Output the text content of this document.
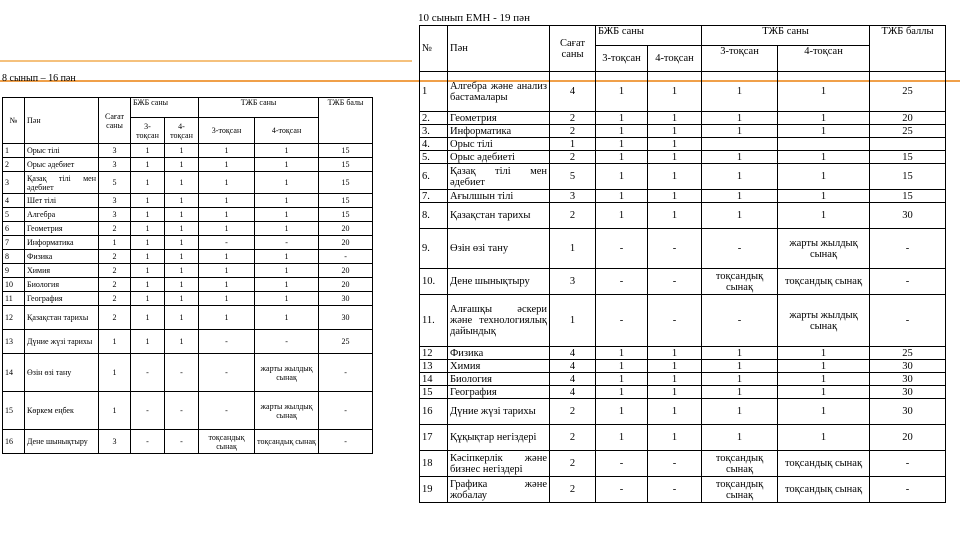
8 сынып – 16 пән
№	Пән	Сағат саны	БЖБ саны		ТЖБ саны		ТЖБ балы
			3-тоқсан	4-тоқсан	3-тоқсан	4-тоқсан	
1	Орыс тілі	3	1	1	1	1	15
2	Орыс әдебиет	3	1	1	1	1	15
3	Қазақ тілі мен әдебиет	5	1	1	1	1	15
4	Шет тілі	3	1	1	1	1	15
5	Алгебра	3	1	1	1	1	15
6	Геометрия	2	1	1	1	1	20
7	Информатика	1	1	1	-	-	20
8	Физика	2	1	1	1	1	-
9	Химия	2	1	1	1	1	20
10	Биология	2	1	1	1	1	20
11	География	2	1	1	1	1	30
12	Қазақстан тарихы	2	1	1	1	1	30
13	Дүние жүзі тарихы	1	1	1	-	-	25
14	Өзін өзі тану	1	-	-	-	жарты жылдық сынақ	-
15	Көркем еңбек	1	-	-	-	жарты жылдық сынақ	-
16	Дене шынықтыру	3	-	-	тоқсандық сынақ	тоқсандық сынақ	-
10 сынып ЕМН - 19 пән
№	Пән	Сағат саны	БЖБ саны		ТЖБ саны		ТЖБ баллы
			3-тоқсан	4-тоқсан	3-тоқсан	4-тоқсан	
1	Алгебра және анализ бастамалары	4	1	1	1	1	25
2.	Геометрия	2	1	1	1	1	20
3.	Информатика	2	1	1	1	1	25
4.	Орыс тілі	1	1	1			
5.	Орыс әдебиеті	2	1	1	1	1	15
6.	Қазақ тілі мен әдебиет	5	1	1	1	1	15
7.	Ағылшын тілі	3	1	1	1	1	15
8.	Қазақстан тарихы	2	1	1	1	1	30
9.	Өзін өзі тану	1	-	-	-	жарты жылдық сынақ	-
10.	Дене шынықтыру	3	-	-	тоқсандық сынақ	тоқсандық сынақ	-
11.	Алғашқы әскери және технологиялық дайындық	1	-	-	-	жарты жылдық сынақ	-
12	Физика	4	1	1	1	1	25
13	Химия	4	1	1	1	1	30
14	Биология	4	1	1	1	1	30
15	География	4	1	1	1	1	30
16	Дүние жүзі тарихы	2	1	1	1	1	30
17	Құқықтар негіздері	2	1	1	1	1	20
18	Кәсіпкерлік және бизнес негіздері	2	-	-	тоқсандық сынақ	тоқсандық сынақ	-
19	Графика және жобалау	2	-	-	тоқсандық сынақ	тоқсандық сынақ	-
